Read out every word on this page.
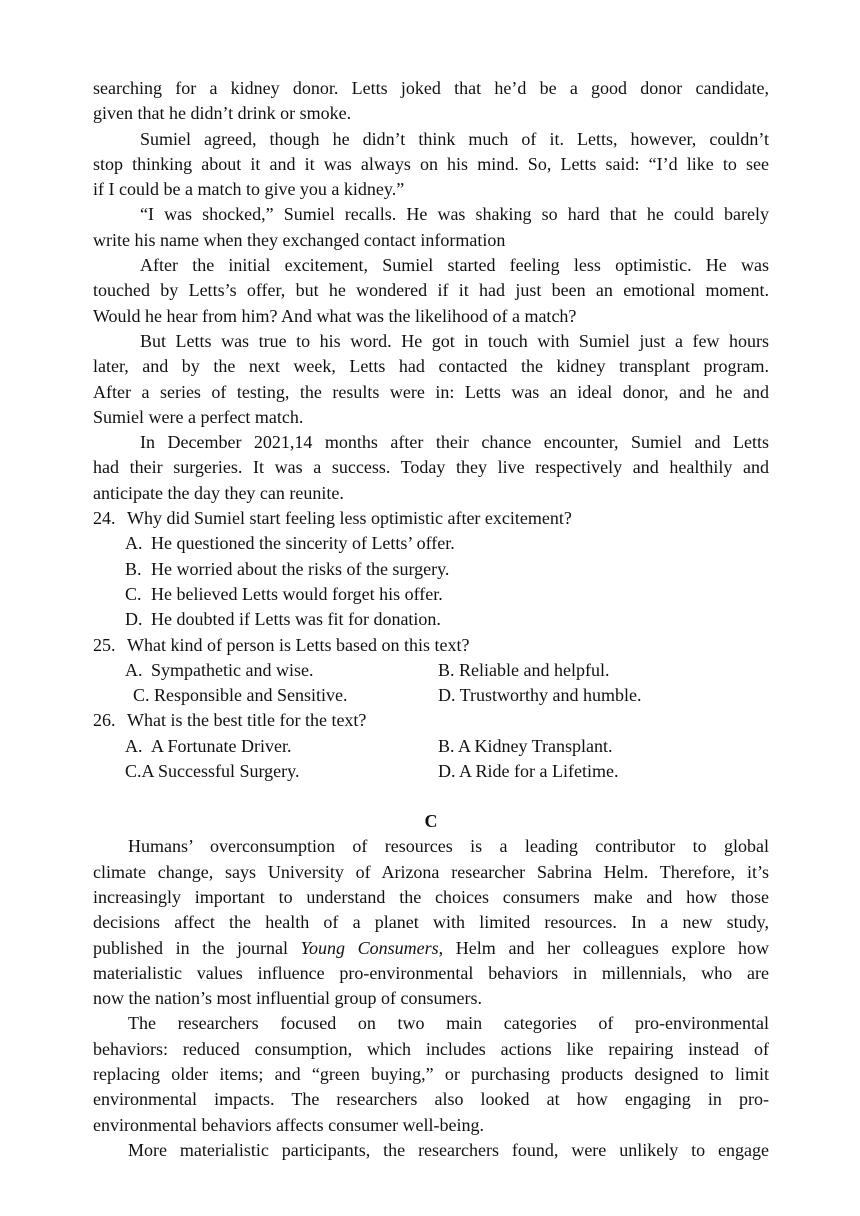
searching for a kidney donor. Letts joked that he’d be a good donor candidate,
given that he didn’t drink or smoke.
Sumiel agreed, though he didn’t think much of it. Letts, however, couldn’t
stop thinking about it and it was always on his mind. So, Letts said: “I’d like to see
if I could be a match to give you a kidney.”
“I was shocked,” Sumiel recalls. He was shaking so hard that he could barely
write his name when they exchanged contact information
After the initial excitement, Sumiel started feeling less optimistic. He was
touched by Letts’s offer, but he wondered if it had just been an emotional moment.
Would he hear from him? And what was the likelihood of a match?
But Letts was true to his word. He got in touch with Sumiel just a few hours
later, and by the next week, Letts had contacted the kidney transplant program.
After a series of testing, the results were in: Letts was an ideal donor, and he and
Sumiel were a perfect match.
In December 2021,14 months after their chance encounter, Sumiel and Letts
had their surgeries. It was a success. Today they live respectively and healthily and
anticipate the day they can reunite.
24. Why did Sumiel start feeling less optimistic after excitement?
A. He questioned the sincerity of Letts’ offer.
B. He worried about the risks of the surgery.
C. He believed Letts would forget his offer.
D. He doubted if Letts was fit for donation.
25. What kind of person is Letts based on this text?
A. Sympathetic and wise.	B. Reliable and helpful.
C. Responsible and Sensitive.	D. Trustworthy and humble.
26. What is the best title for the text?
A. A Fortunate Driver.	B. A Kidney Transplant.
C.A Successful Surgery.	D. A Ride for a Lifetime.
C
Humans’ overconsumption of resources is a leading contributor to global
climate change, says University of Arizona researcher Sabrina Helm. Therefore, it’s
increasingly important to understand the choices consumers make and how those
decisions affect the health of a planet with limited resources. In a new study,
published in the journal Young Consumers, Helm and her colleagues explore how
materialistic values influence pro-environmental behaviors in millennials, who are
now the nation’s most influential group of consumers.
The researchers focused on two main categories of pro-environmental
behaviors: reduced consumption, which includes actions like repairing instead of
replacing older items; and “green buying,” or purchasing products designed to limit
environmental impacts. The researchers also looked at how engaging in pro-
environmental behaviors affects consumer well-being.
More materialistic participants, the researchers found, were unlikely to engage
